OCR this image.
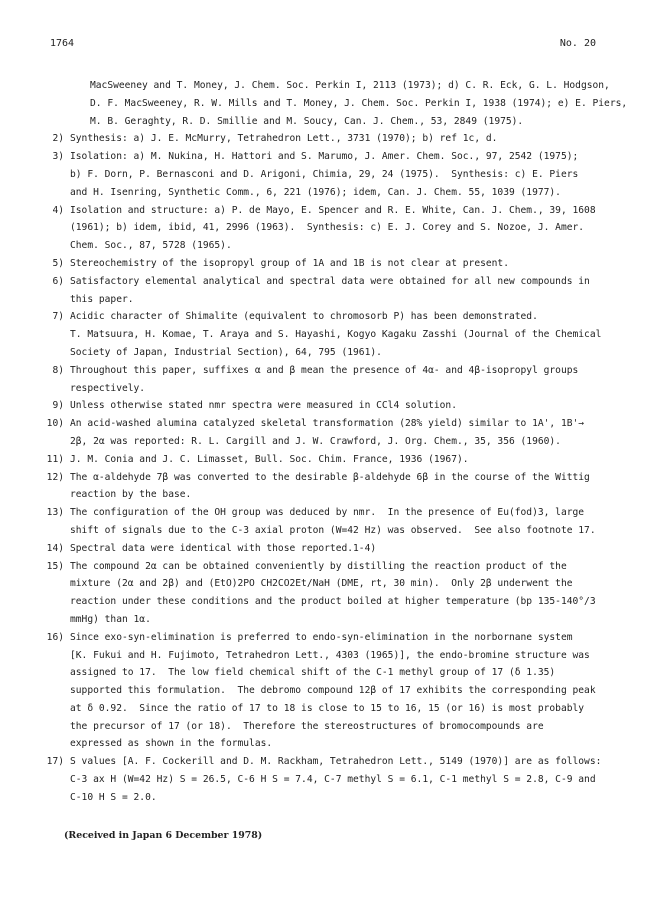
1764	No. 20
MacSweeney and T. Money, J. Chem. Soc. Perkin I, 2113 (1973); d) C. R. Eck, G. L. Hodgson,
D. F. MacSweeney, R. W. Mills and T. Money, J. Chem. Soc. Perkin I, 1938 (1974); e) E. Piers,
M. B. Geraghty, R. D. Smillie and M. Soucy, Can. J. Chem., 53, 2849 (1975).
2) Synthesis: a) J. E. McMurry, Tetrahedron Lett., 3731 (1970); b) ref 1c, d.
3) Isolation: a) M. Nukina, H. Hattori and S. Marumo, J. Amer. Chem. Soc., 97, 2542 (1975);
b) F. Dorn, P. Bernasconi and D. Arigoni, Chimia, 29, 24 (1975).  Synthesis: c) E. Piers
and H. Isenring, Synthetic Comm., 6, 221 (1976); idem, Can. J. Chem. 55, 1039 (1977).
4) Isolation and structure: a) P. de Mayo, E. Spencer and R. E. White, Can. J. Chem., 39, 1608
(1961); b) idem, ibid, 41, 2996 (1963).  Synthesis: c) E. J. Corey and S. Nozoe, J. Amer.
Chem. Soc., 87, 5728 (1965).
5) Stereochemistry of the isopropyl group of 1A and 1B is not clear at present.
6) Satisfactory elemental analytical and spectral data were obtained for all new compounds in
this paper.
7) Acidic character of Shimalite (equivalent to chromosorb P) has been demonstrated.
T. Matsuura, H. Komae, T. Araya and S. Hayashi, Kogyo Kagaku Zasshi (Journal of the Chemical
Society of Japan, Industrial Section), 64, 795 (1961).
8) Throughout this paper, suffixes α and β mean the presence of 4α- and 4β-isopropyl groups
respectively.
9) Unless otherwise stated nmr spectra were measured in CCl4 solution.
10) An acid-washed alumina catalyzed skeletal transformation (28% yield) similar to 1A', 1B'→
2β, 2α was reported: R. L. Cargill and J. W. Crawford, J. Org. Chem., 35, 356 (1960).
11) J. M. Conia and J. C. Limasset, Bull. Soc. Chim. France, 1936 (1967).
12) The α-aldehyde 7β was converted to the desirable β-aldehyde 6β in the course of the Wittig
reaction by the base.
13) The configuration of the OH group was deduced by nmr.  In the presence of Eu(fod)3, large
shift of signals due to the C-3 axial proton (W=42 Hz) was observed.  See also footnote 17.
14) Spectral data were identical with those reported.1-4)
15) The compound 2α can be obtained conveniently by distilling the reaction product of the
mixture (2α and 2β) and (EtO)2PO CH2CO2Et/NaH (DME, rt, 30 min).  Only 2β underwent the
reaction under these conditions and the product boiled at higher temperature (bp 135-140°/3
mmHg) than 1α.
16) Since exo-syn-elimination is preferred to endo-syn-elimination in the norbornane system
[K. Fukui and H. Fujimoto, Tetrahedron Lett., 4303 (1965)], the endo-bromine structure was
assigned to 17.  The low field chemical shift of the C-1 methyl group of 17 (δ 1.35)
supported this formulation.  The debromo compound 12β of 17 exhibits the corresponding peak
at δ 0.92.  Since the ratio of 17 to 18 is close to 15 to 16, 15 (or 16) is most probably
the precursor of 17 (or 18).  Therefore the stereostructures of bromocompounds are
expressed as shown in the formulas.
17) S values [A. F. Cockerill and D. M. Rackham, Tetrahedron Lett., 5149 (1970)] are as follows:
C-3 ax H (W=42 Hz) S = 26.5, C-6 H S = 7.4, C-7 methyl S = 6.1, C-1 methyl S = 2.8, C-9 and
C-10 H S = 2.0.
(Received in Japan 6 December 1978)
